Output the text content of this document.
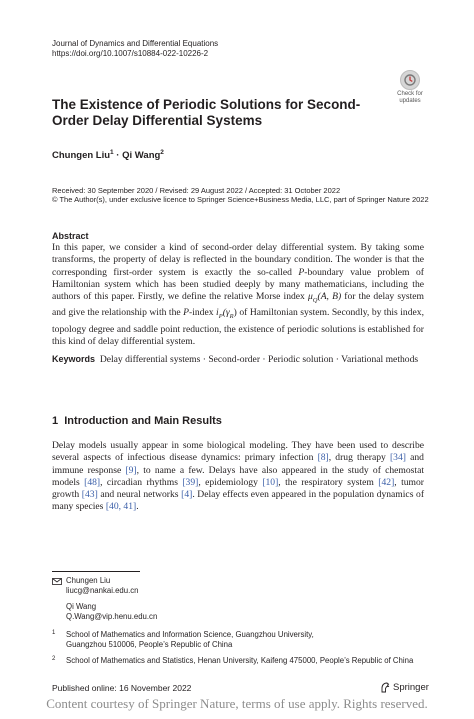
Journal of Dynamics and Differential Equations
https://doi.org/10.1007/s10884-022-10226-2
Check for
updates
The Existence of Periodic Solutions for Second-Order Delay Differential Systems
Chungen Liu$^1$ · Qi Wang$^2$
Received: 30 September 2020 / Revised: 29 August 2022 / Accepted: 31 October 2022
© The Author(s), under exclusive licence to Springer Science+Business Media, LLC, part of Springer Nature 2022
Abstract

In this paper, we consider a kind of second-order delay differential system. By taking some transforms, the property of delay is reflected in the boundary condition. The wonder is that the corresponding first-order system is exactly the so-called P-boundary value problem of Hamiltonian system which has been studied deeply by many mathematicians, including the authors of this paper. Firstly, we define the relative Morse index $\mu_Q(A$, B) for the delay system and give the relationship with the P-index $i_P(\gamma_R)$ of Hamiltonian system. Secondly, by this index, topology degree and saddle point reduction, the existence of periodic solutions is established for this kind of delay differential system.

Keywords Delay differential systems · Second-order · Periodic solution · Variational methods
1 Introduction and Main Results

Delay models usually appear in some biological modeling. They have been used to describe several aspects of infectious disease dynamics: primary infection [8], drug therapy [34] and immune response [9], to name a few. Delays have also appeared in the study of chemostat models [48], circadian rhythms [39], epidemiology [10], the respiratory system [42], tumor growth [43] and neural networks [4]. Delay effects even appeared in the population dynamics of many species [40, 41].

Chungen Liu
liucg@nankai.edu.cn
Qi Wang
Q.Wang@vip.henu.edu.cn
1 School of Mathematics and Information Science, Guangzhou University,
Guangzhou 510006, People’s Republic of China
2 School of Mathematics and Statistics, Henan University, Kaifeng 475000, People’s Republic of China
Published online: 16 November 2022	Springer
Content courtesy of Springer Nature, terms of use apply. Rights reserved.
